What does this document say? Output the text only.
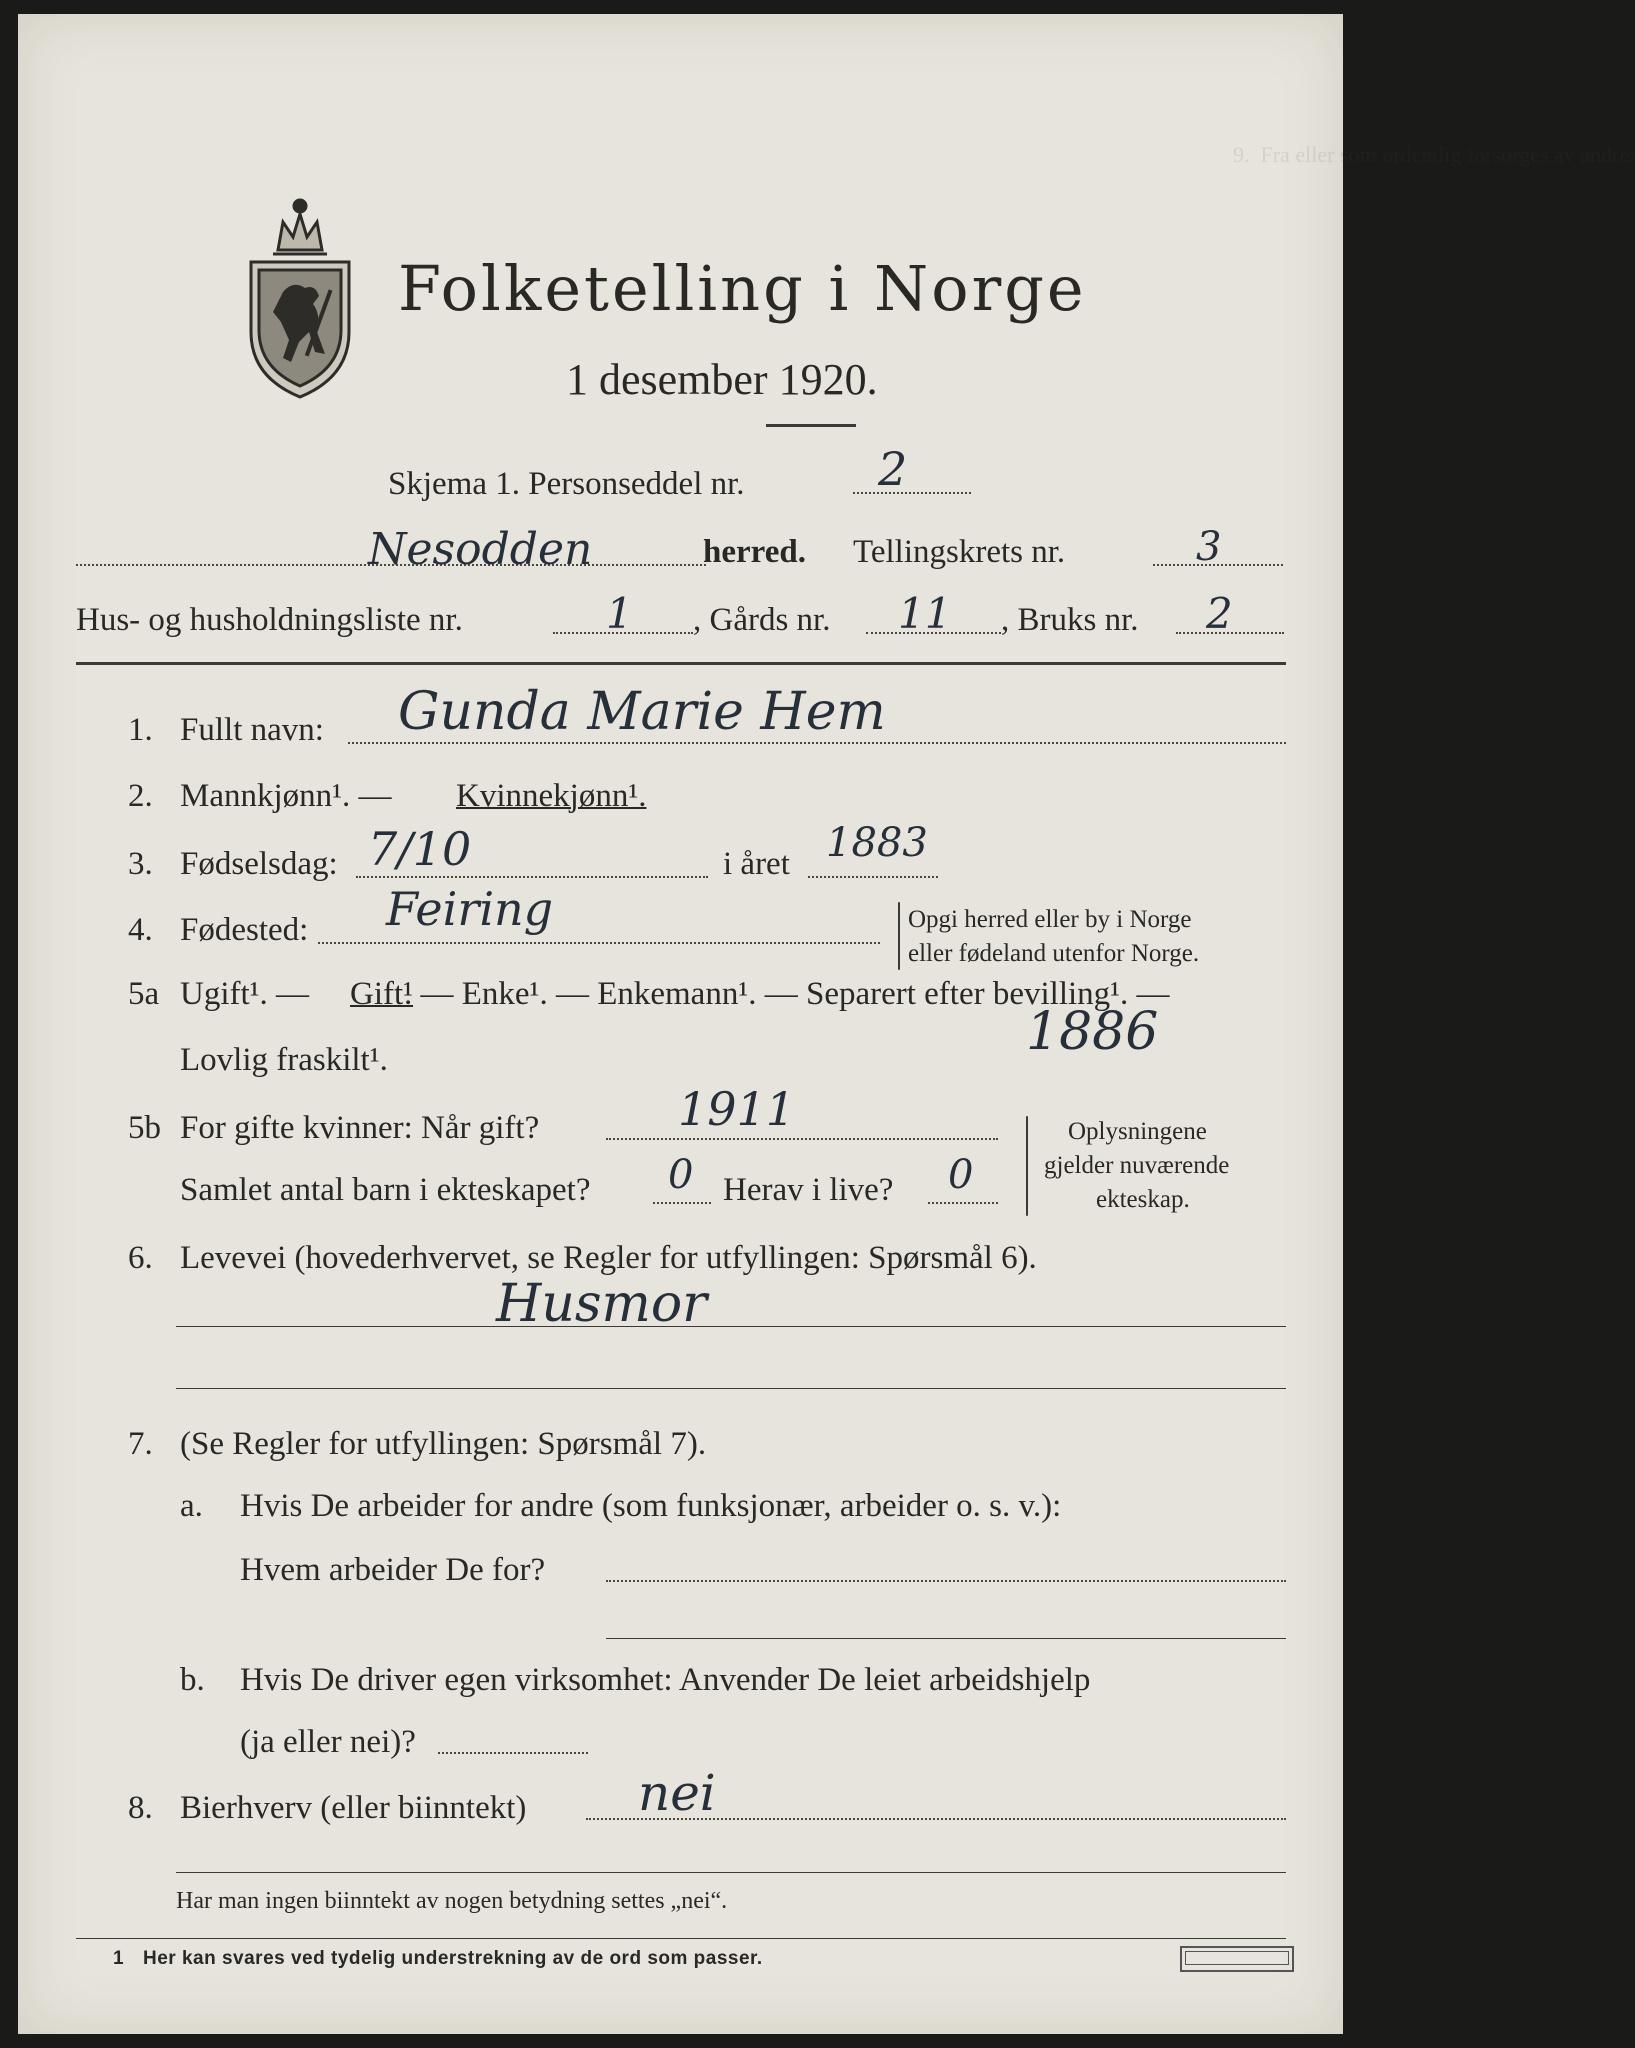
9.  Fra eller som ordentlig forsørges av andre:
Folketelling i Norge
1 desember 1920.
Skjema 1. Personseddel nr.	2
Nesodden	herred. Tellingskrets nr.	3
Hus- og husholdningsliste nr.	1 , Gårds nr. 11 , Bruks nr. 2
1. Fullt navn: Gunda Marie Hem
2. Mannkjønn¹. — Kvinnekjønn¹.
3. Fødselsdag: 7/10	i året 1883
4. Fødested: Feiring	Opgi herred eller by i Norge
eller fødeland utenfor Norge.
5a Ugift¹. — Gift¹
. — Enke¹. — Enkemann¹. — Separert efter bevilling¹. —
Lovlig fraskilt¹.	1886
5b For gifte kvinner: Når gift?	1911
Samlet antal barn i ekteskapet? 0 Herav i live? 0
Oplysningene
gjelder nuværende
ekteskap.
6. Levevei (hovederhvervet, se Regler for utfyllingen: Spørsmål 6).
Husmor
7. (Se Regler for utfyllingen: Spørsmål 7).
a. Hvis De arbeider for andre (som funksjonær, arbeider o. s. v.):
Hvem arbeider De for?
b. Hvis De driver egen virksomhet: Anvender De leiet arbeidshjelp
(ja eller nei)?
8. Bierhverv (eller biinntekt) nei
Har man ingen biinntekt av nogen betydning settes „nei“.
1 Her kan svares ved tydelig understrekning av de ord som passer.
